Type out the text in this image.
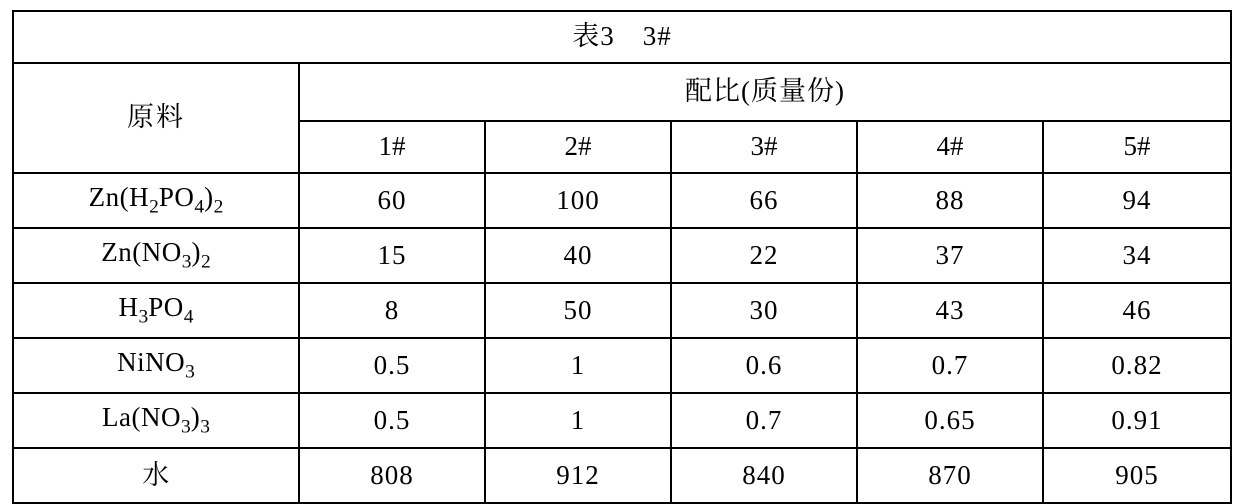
表3 3#					
原料	配比(质量份)				
	1#	2#	3#	4#	5#
$Zn(H_2PO_4)_2$	60	100	66	88	94
$Zn(NO_3)_2$	15	40	22	37	34
$H_3PO_4$	8	50	30	43	46
NiNO$_3$	0.5	1	0.6	0.7	0.82
$La(NO_3)_3$	0.5	1	0.7	0.65	0.91
水	808	912	840	870	905
